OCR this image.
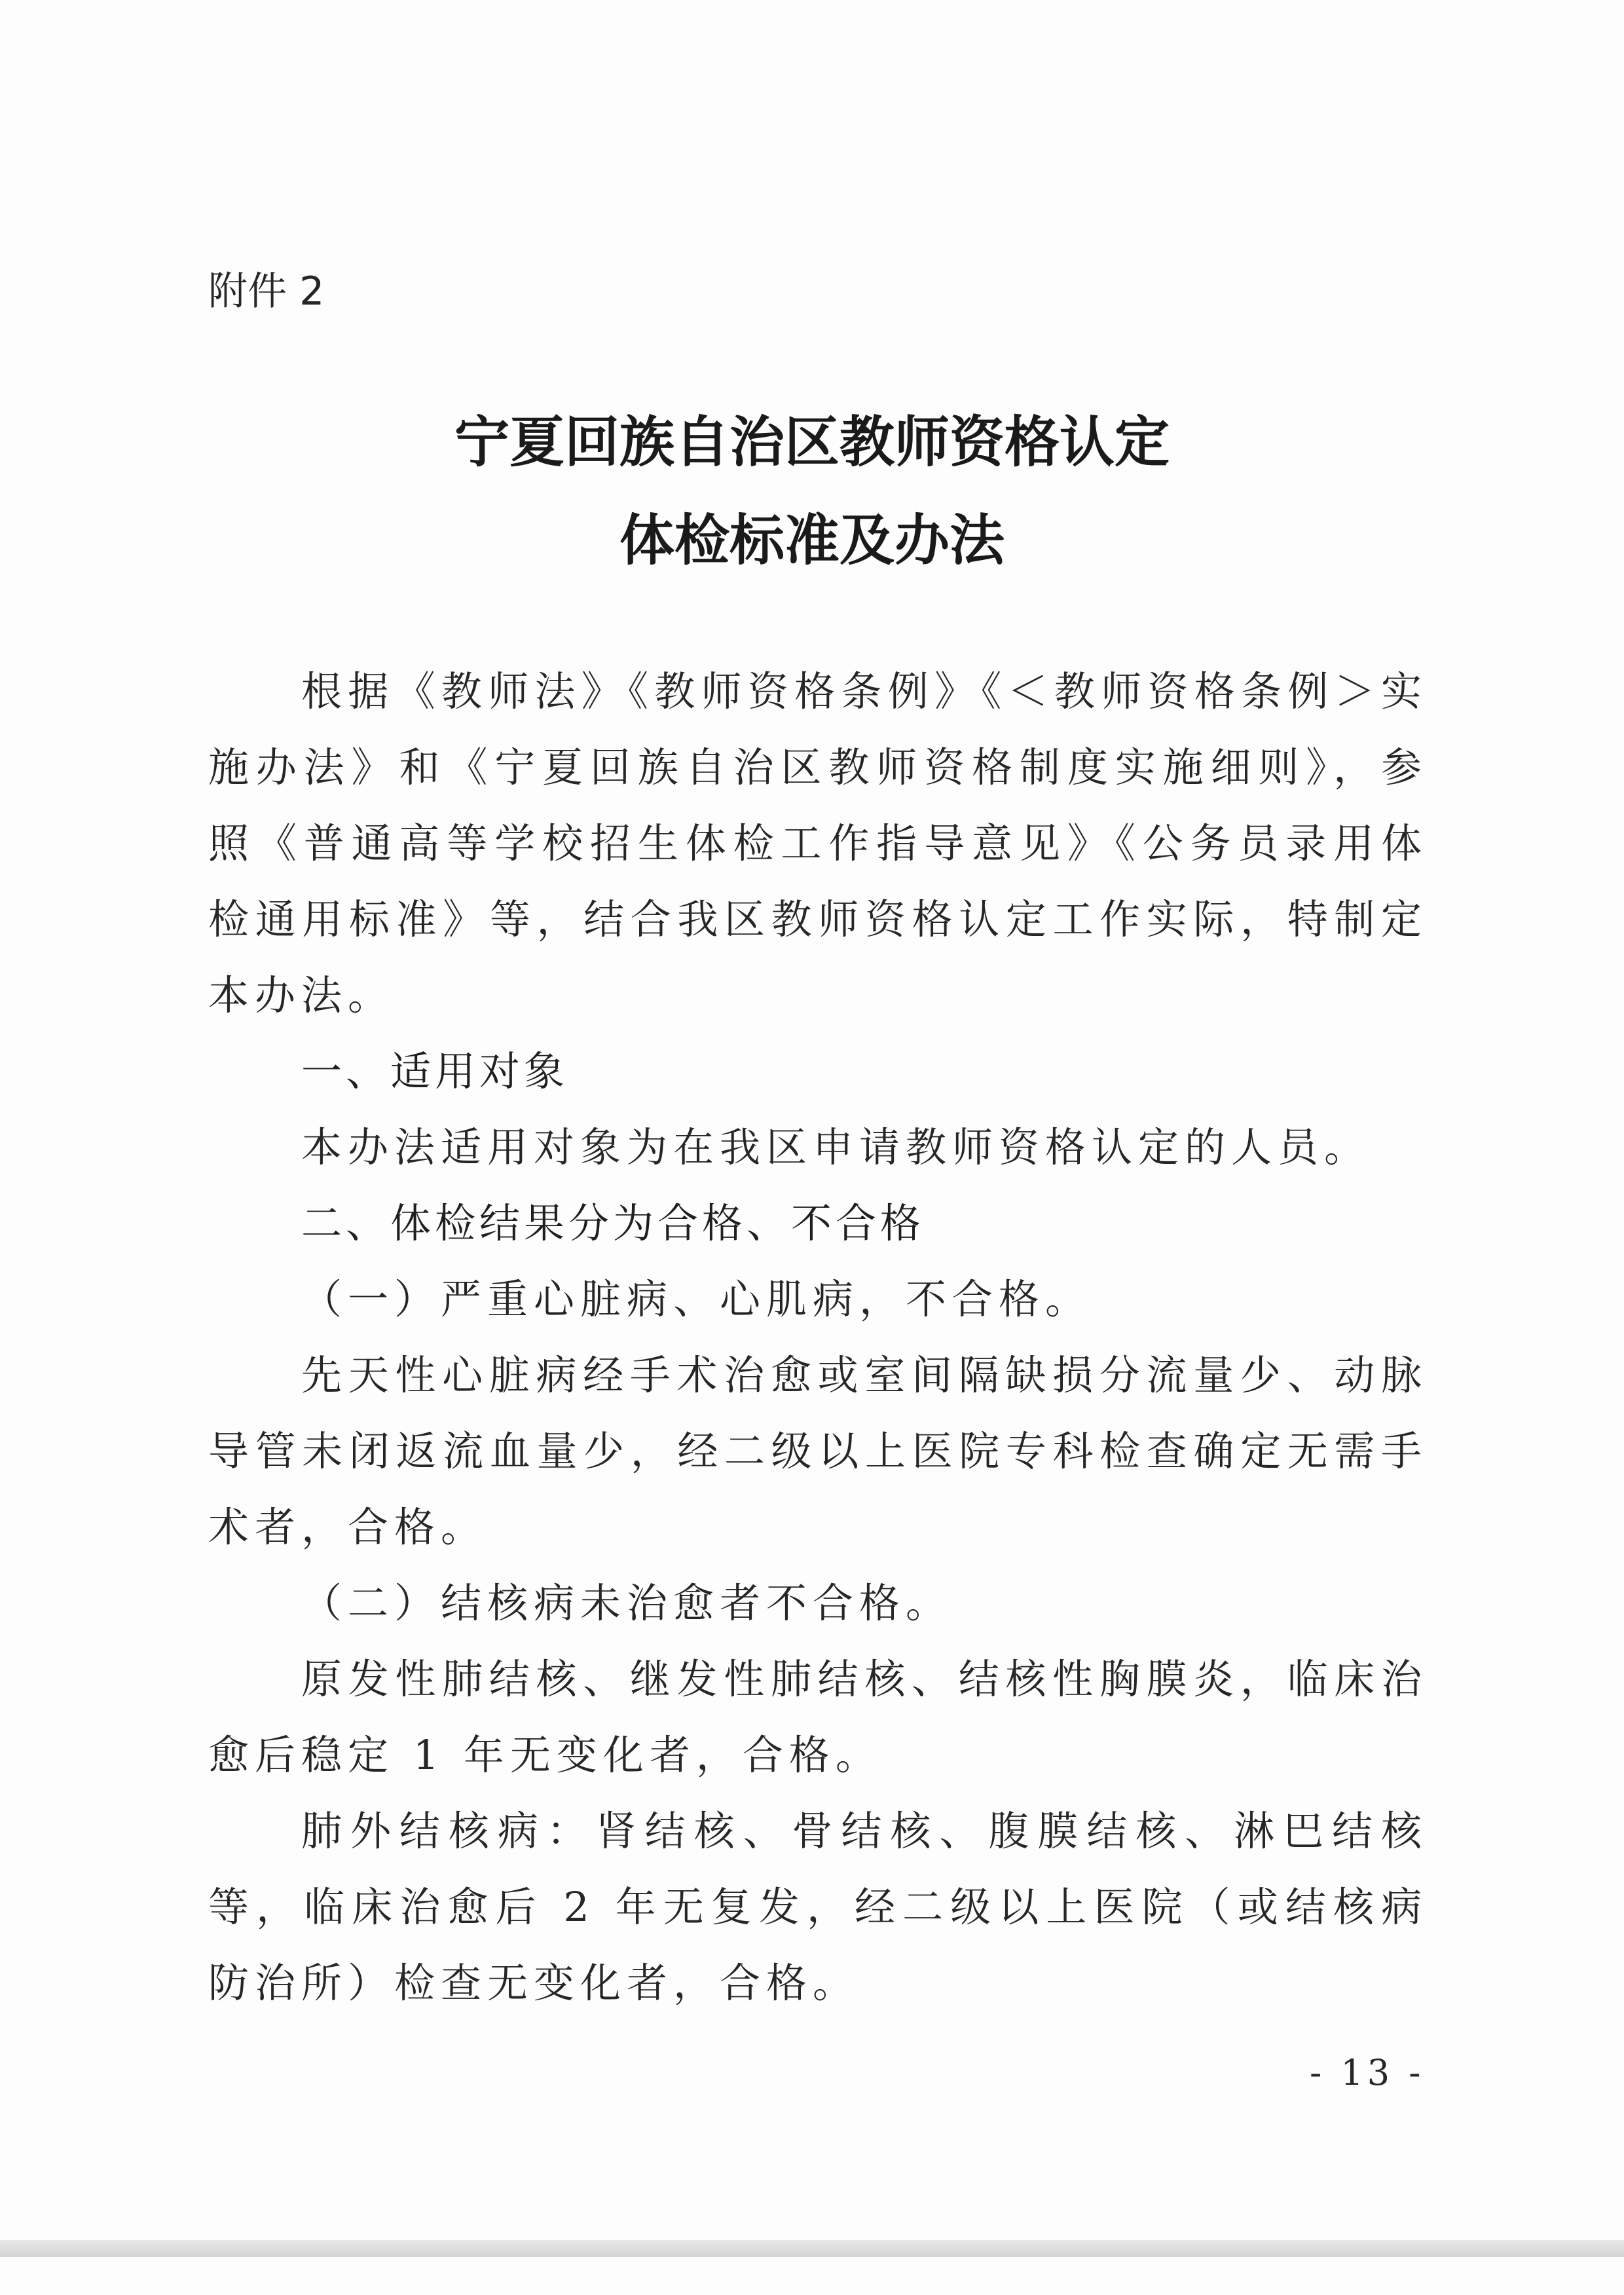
附件 2

宁夏回族自治区教师资格认定
体检标准及办法

根据《教师法》《教师资格条例》《＜教师资格条例＞实施办法》和《宁夏回族自治区教师资格制度实施细则》，参照《普通高等学校招生体检工作指导意见》《公务员录用体检通用标准》等，结合我区教师资格认定工作实际，特制定本办法。

一、适用对象

本办法适用对象为在我区申请教师资格认定的人员。

二、体检结果分为合格、不合格

（一）严重心脏病、心肌病，不合格。

先天性心脏病经手术治愈或室间隔缺损分流量少、动脉导管未闭返流血量少，经二级以上医院专科检查确定无需手术者，合格。

（二）结核病未治愈者不合格。

原发性肺结核、继发性肺结核、结核性胸膜炎，临床治愈后稳定 1 年无变化者，合格。

肺外结核病：肾结核、骨结核、腹膜结核、淋巴结核等，临床治愈后 2 年无复发，经二级以上医院（或结核病防治所）检查无变化者，合格。

- 13 -
